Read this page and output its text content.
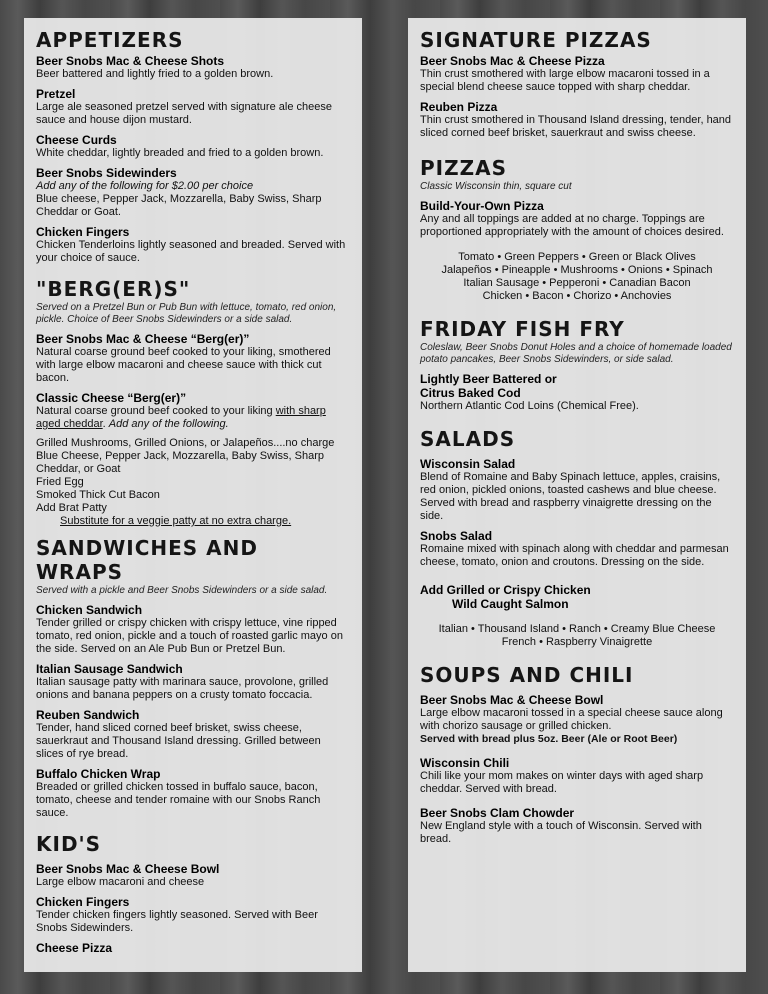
APPETIZERS
Beer Snobs Mac & Cheese Shots
Beer battered and lightly fried to a golden brown.
Pretzel
Large ale seasoned pretzel served with signature ale cheese sauce and house dijon mustard.
Cheese Curds
White cheddar, lightly breaded and fried to a golden brown.
Beer Snobs Sidewinders
Add any of the following for $2.00 per choice
Blue cheese, Pepper Jack, Mozzarella, Baby Swiss, Sharp Cheddar or Goat.
Chicken Fingers
Chicken Tenderloins lightly seasoned and breaded. Served with your choice of sauce.
"BERG(ER)S"
Served on a Pretzel Bun or Pub Bun with lettuce, tomato, red onion, pickle. Choice of Beer Snobs Sidewinders or a side salad.
Beer Snobs Mac & Cheese “Berg(er)”
Natural coarse ground beef cooked to your liking, smothered with large elbow macaroni and cheese sauce with thick cut bacon.
Classic Cheese “Berg(er)”
Natural coarse ground beef cooked to your liking with sharp aged cheddar. Add any of the following.
Grilled Mushrooms, Grilled Onions, or Jalapeños....no charge
Blue Cheese, Pepper Jack, Mozzarella, Baby Swiss, Sharp Cheddar, or Goat
Fried Egg
Smoked Thick Cut Bacon
Add Brat Patty
Substitute for a veggie patty at no extra charge.
SANDWICHES AND WRAPS
Served with a pickle and Beer Snobs Sidewinders or a side salad.
Chicken Sandwich
Tender grilled or crispy chicken with crispy lettuce, vine ripped tomato, red onion, pickle and a touch of roasted garlic mayo on the side. Served on an Ale Pub Bun or Pretzel Bun.
Italian Sausage Sandwich
Italian sausage patty with marinara sauce, provolone, grilled onions and banana peppers on a crusty tomato foccacia.
Reuben Sandwich
Tender, hand sliced corned beef brisket, swiss cheese, sauerkraut and Thousand Island dressing. Grilled between slices of rye bread.
Buffalo Chicken Wrap
Breaded or grilled chicken tossed in buffalo sauce, bacon, tomato, cheese and tender romaine with our Snobs Ranch sauce.
KID'S
Beer Snobs Mac & Cheese Bowl
Large elbow macaroni and cheese
Chicken Fingers
Tender chicken fingers lightly seasoned. Served with Beer Snobs Sidewinders.
Cheese Pizza
SIGNATURE PIZZAS
Beer Snobs Mac & Cheese Pizza
Thin crust smothered with large elbow macaroni tossed in a special blend cheese sauce topped with sharp cheddar.
Reuben Pizza
Thin crust smothered in Thousand Island dressing, tender, hand sliced corned beef brisket, sauerkraut and swiss cheese.
PIZZAS
Classic Wisconsin thin, square cut
Build-Your-Own Pizza
Any and all toppings are added at no charge. Toppings are proportioned appropriately with the amount of choices desired.
Tomato • Green Peppers • Green or Black Olives
Jalapeños • Pineapple • Mushrooms • Onions • Spinach
Italian Sausage • Pepperoni • Canadian Bacon
Chicken • Bacon • Chorizo • Anchovies
FRIDAY FISH FRY
Coleslaw, Beer Snobs Donut Holes and a choice of homemade loaded potato pancakes, Beer Snobs Sidewinders, or side salad.
Lightly Beer Battered or
Citrus Baked Cod
Northern Atlantic Cod Loins (Chemical Free).
SALADS
Wisconsin Salad
Blend of Romaine and Baby Spinach lettuce, apples, craisins, red onion, pickled onions, toasted cashews and blue cheese. Served with bread and raspberry vinaigrette dressing on the side.
Snobs Salad
Romaine mixed with spinach along with cheddar and parmesan cheese, tomato, onion and croutons. Dressing on the side.
Add Grilled or Crispy Chicken
Wild Caught Salmon
Italian • Thousand Island • Ranch • Creamy Blue Cheese
French • Raspberry Vinaigrette
SOUPS AND CHILI
Beer Snobs Mac & Cheese Bowl
Large elbow macaroni tossed in a special cheese sauce along with chorizo sausage or grilled chicken.
Served with bread plus 5oz. Beer (Ale or Root Beer)
Wisconsin Chili
Chili like your mom makes on winter days with aged sharp cheddar. Served with bread.
Beer Snobs Clam Chowder
New England style with a touch of Wisconsin. Served with bread.
